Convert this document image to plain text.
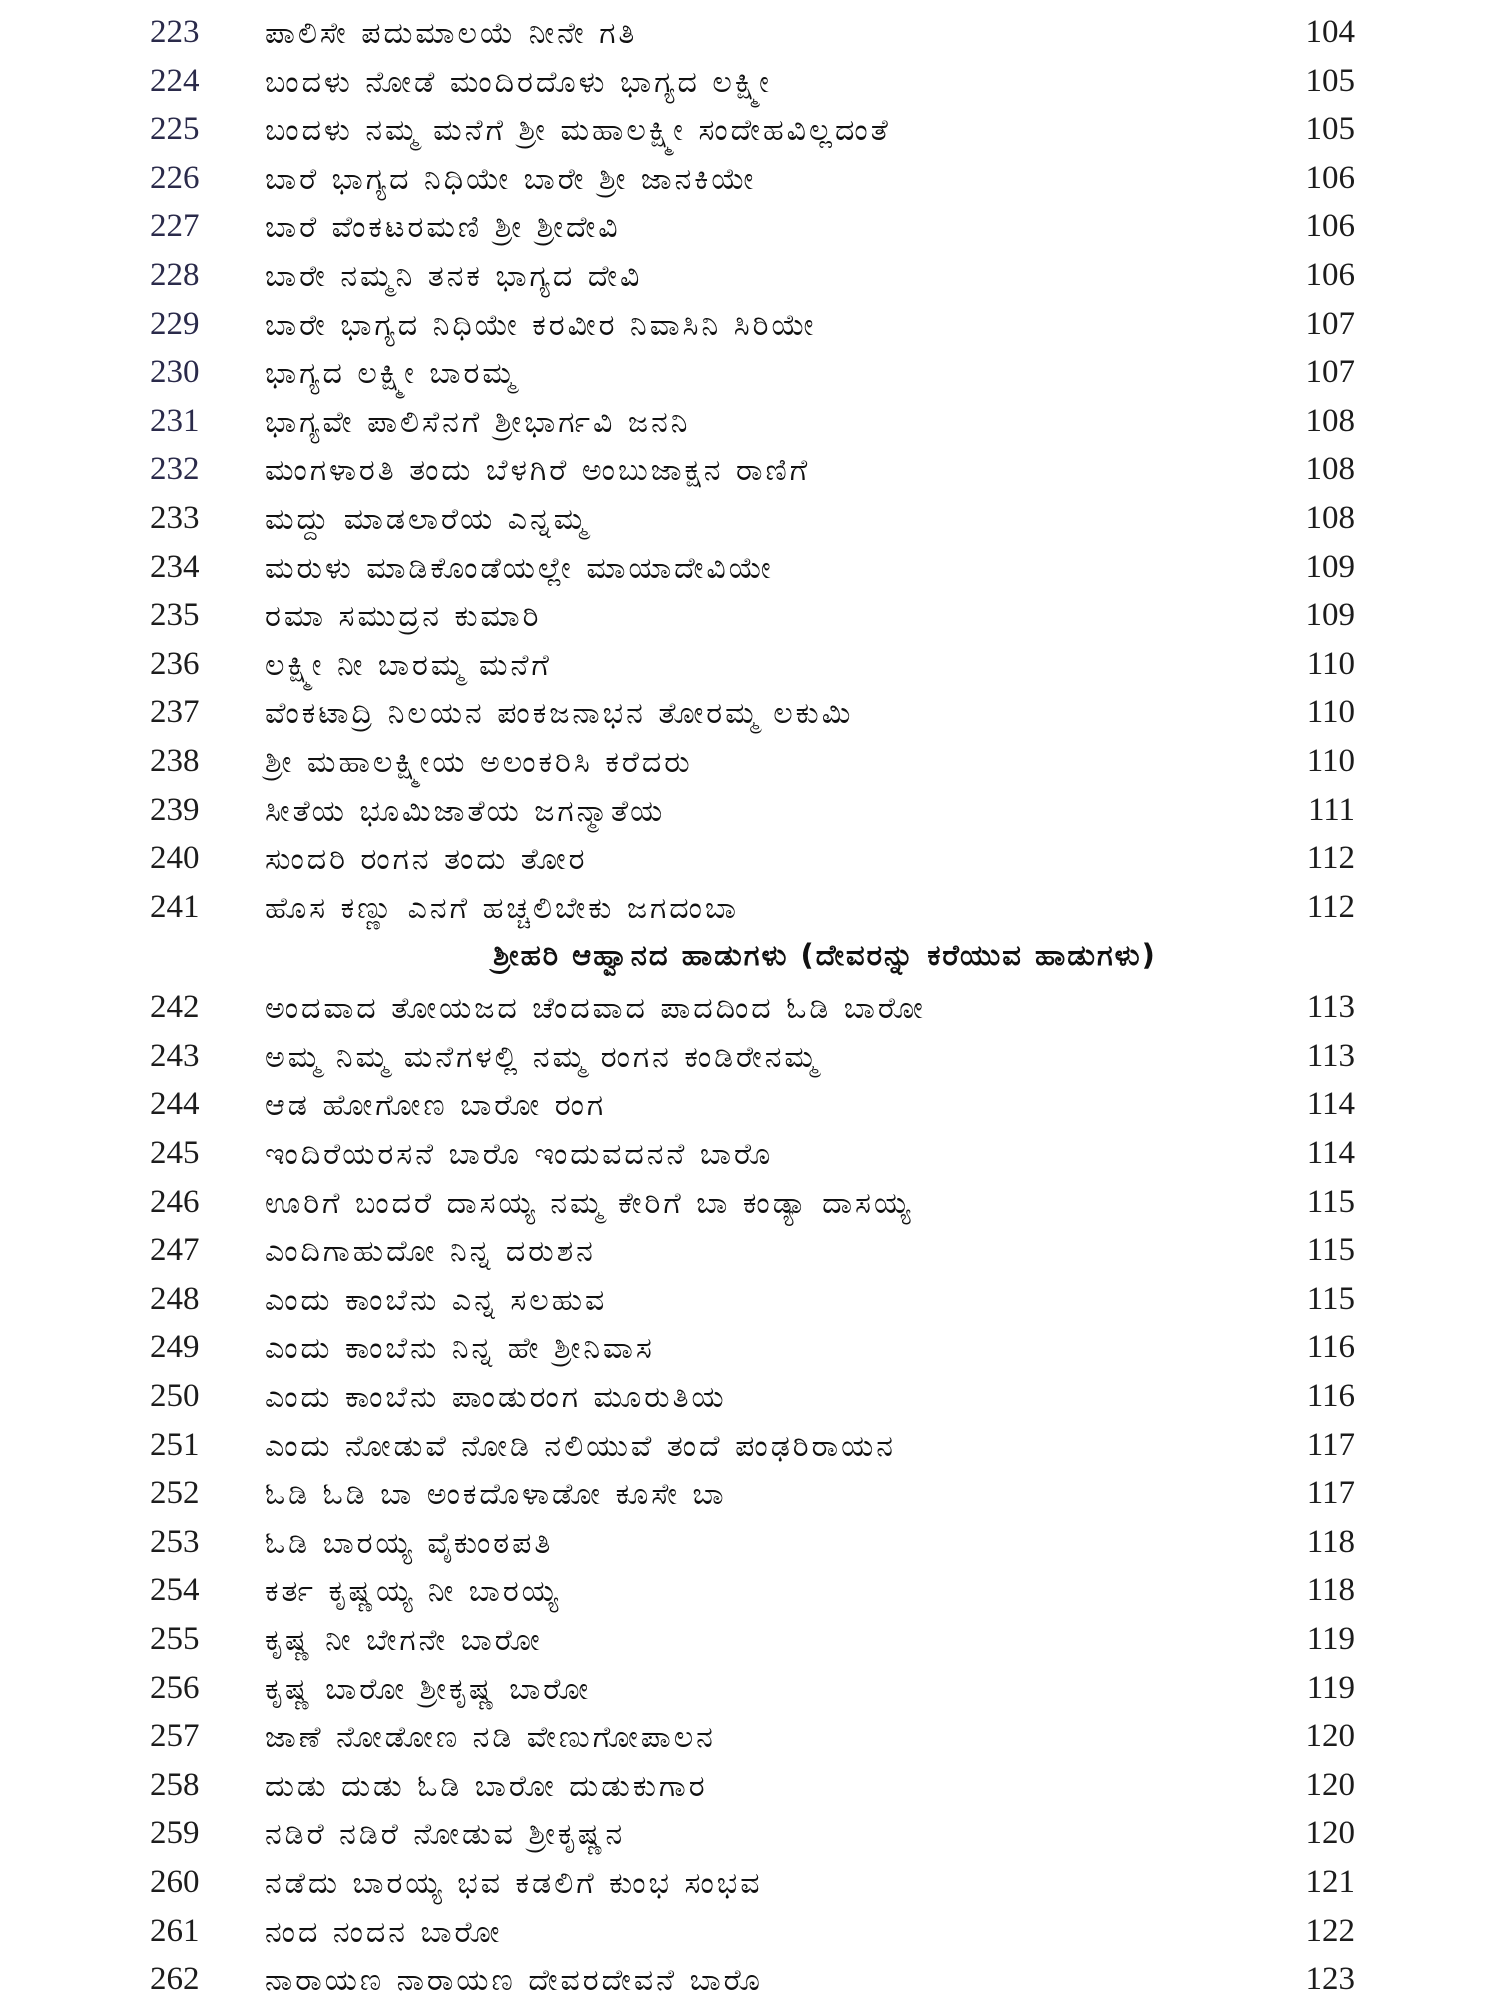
223 ಪಾಲಿಸೇ ಪದುಮಾಲಯೆ ನೀನೇ ಗತಿ	104
224 ಬಂದಳು ನೋಡೆ ಮಂದಿರದೊಳು ಭಾಗ್ಯದ ಲಕ್ಷ್ಮೀ	105
225 ಬಂದಳು ನಮ್ಮ ಮನೆಗೆ ಶ್ರೀ ಮಹಾಲಕ್ಷ್ಮೀ ಸಂದೇಹವಿಲ್ಲದಂತೆ	105
226 ಬಾರೆ ಭಾಗ್ಯದ ನಿಧಿಯೇ ಬಾರೇ ಶ್ರೀ ಜಾನಕಿಯೇ	106
227 ಬಾರೆ ವೆಂಕಟರಮಣಿ ಶ್ರೀ ಶ್ರೀದೇವಿ	106
228 ಬಾರೇ ನಮ್ಮನಿ ತನಕ ಭಾಗ್ಯದ ದೇವಿ	106
229 ಬಾರೇ ಭಾಗ್ಯದ ನಿಧಿಯೇ ಕರವೀರ ನಿವಾಸಿನಿ ಸಿರಿಯೇ	107
230 ಭಾಗ್ಯದ ಲಕ್ಷ್ಮೀ ಬಾರಮ್ಮ	107
231 ಭಾಗ್ಯವೇ ಪಾಲಿಸೆನಗೆ ಶ್ರೀಭಾರ್ಗವಿ ಜನನಿ	108
232 ಮಂಗಳಾರತಿ ತಂದು ಬೆಳಗಿರೆ ಅಂಬುಜಾಕ್ಷನ ರಾಣಿಗೆ	108
233 ಮದ್ದು ಮಾಡಲಾರೆಯ ಎನ್ನಮ್ಮ	108
234 ಮರುಳು ಮಾಡಿಕೊಂಡೆಯಲ್ಲೇ ಮಾಯಾದೇವಿಯೇ	109
235 ರಮಾ ಸಮುದ್ರನ ಕುಮಾರಿ	109
236 ಲಕ್ಷ್ಮೀ ನೀ ಬಾರಮ್ಮ ಮನೆಗೆ	110
237 ವೆಂಕಟಾದ್ರಿ ನಿಲಯನ ಪಂಕಜನಾಭನ ತೋರಮ್ಮ ಲಕುಮಿ	110
238 ಶ್ರೀ ಮಹಾಲಕ್ಷ್ಮೀಯ ಅಲಂಕರಿಸಿ ಕರೆದರು	110
239 ಸೀತೆಯ ಭೂಮಿಜಾತೆಯ ಜಗನ್ಮಾತೆಯ	111
240 ಸುಂದರಿ ರಂಗನ ತಂದು ತೋರ	112
241 ಹೊಸ ಕಣ್ಣು ಎನಗೆ ಹಚ್ಚಲಿಬೇಕು ಜಗದಂಬಾ	112
ಶ್ರೀಹರಿ ಆಹ್ವಾನದ ಹಾಡುಗಳು (ದೇವರನ್ನು ಕರೆಯುವ ಹಾಡುಗಳು)
242 ಅಂದವಾದ ತೋಯಜದ ಚೆಂದವಾದ ಪಾದದಿಂದ ಓಡಿ ಬಾರೋ	113
243 ಅಮ್ಮ ನಿಮ್ಮ ಮನೆಗಳಲ್ಲಿ ನಮ್ಮ ರಂಗನ ಕಂಡಿರೇನಮ್ಮ	113
244 ಆಡ ಹೋಗೋಣ ಬಾರೋ ರಂಗ	114
245 ಇಂದಿರೆಯರಸನೆ ಬಾರೊ ಇಂದುವದನನೆ ಬಾರೊ	114
246 ಊರಿಗೆ ಬಂದರೆ ದಾಸಯ್ಯ ನಮ್ಮ ಕೇರಿಗೆ ಬಾ ಕಂಡ್ಯಾ ದಾಸಯ್ಯ	115
247 ಎಂದಿಗಾಹುದೋ ನಿನ್ನ ದರುಶನ	115
248 ಎಂದು ಕಾಂಬೆನು ಎನ್ನ ಸಲಹುವ	115
249 ಎಂದು ಕಾಂಬೆನು ನಿನ್ನ ಹೇ ಶ್ರೀನಿವಾಸ	116
250 ಎಂದು ಕಾಂಬೆನು ಪಾಂಡುರಂಗ ಮೂರುತಿಯ	116
251 ಎಂದು ನೋಡುವೆ ನೋಡಿ ನಲಿಯುವೆ ತಂದೆ ಪಂಢರಿರಾಯನ	117
252 ಓಡಿ ಓಡಿ ಬಾ ಅಂಕದೊಳಾಡೋ ಕೂಸೇ ಬಾ	117
253 ಓಡಿ ಬಾರಯ್ಯ ವೈಕುಂಠಪತಿ	118
254 ಕರ್ತ ಕೃಷ್ಣಯ್ಯ ನೀ ಬಾರಯ್ಯ	118
255 ಕೃಷ್ಣ ನೀ ಬೇಗನೇ ಬಾರೋ	119
256 ಕೃಷ್ಣ ಬಾರೋ ಶ್ರೀಕೃಷ್ಣ ಬಾರೋ	119
257 ಜಾಣೆ ನೋಡೋಣ ನಡಿ ವೇಣುಗೋಪಾಲನ	120
258 ದುಡು ದುಡು ಓಡಿ ಬಾರೋ ದುಡುಕುಗಾರ	120
259 ನಡಿರೆ ನಡಿರೆ ನೋಡುವ ಶ್ರೀಕೃಷ್ಣನ	120
260 ನಡೆದು ಬಾರಯ್ಯ ಭವ ಕಡಲಿಗೆ ಕುಂಭ ಸಂಭವ	121
261 ನಂದ ನಂದನ ಬಾರೋ	122
262 ನಾರಾಯಣ ನಾರಾಯಣ ದೇವರದೇವನೆ ಬಾರೊ	123
